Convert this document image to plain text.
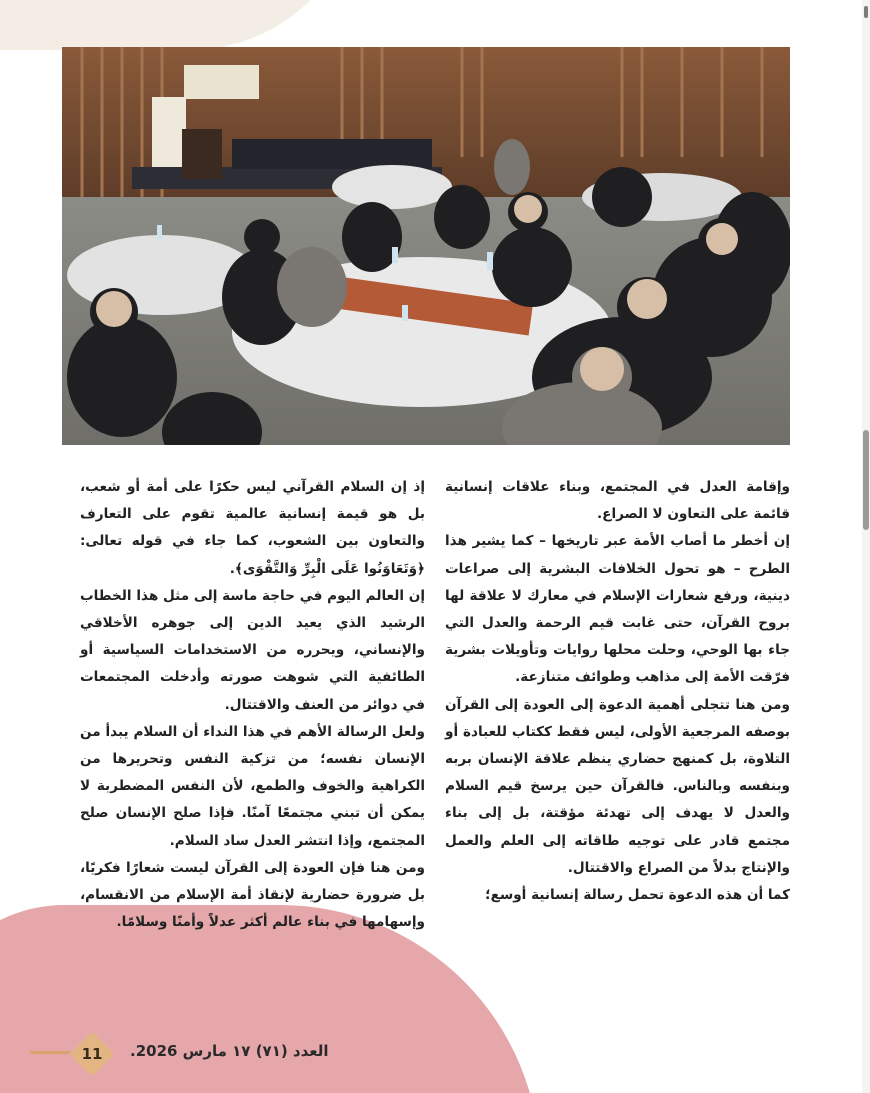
وإقامة العدل في المجتمع، وبناء علاقات إنسانية قائمة على التعاون لا الصراع.

إن أخطر ما أصاب الأمة عبر تاريخها – كما يشير هذا الطرح – هو تحول الخلافات البشرية إلى صراعات دينية، ورفع شعارات الإسلام في معارك لا علاقة لها بروح القرآن، حتى غابت قيم الرحمة والعدل التي جاء بها الوحي، وحلت محلها روايات وتأويلات بشرية فرّقت الأمة إلى مذاهب وطوائف متنازعة.

ومن هنا تتجلى أهمية الدعوة إلى العودة إلى القرآن بوصفه المرجعية الأولى، ليس فقط ككتاب للعبادة أو التلاوة، بل كمنهج حضاري ينظم علاقة الإنسان بربه وبنفسه وبالناس. فالقرآن حين يرسخ قيم السلام والعدل لا يهدف إلى تهدئة مؤقتة، بل إلى بناء مجتمع قادر على توجيه طاقاته إلى العلم والعمل والإنتاج بدلاً من الصراع والاقتتال.

كما أن هذه الدعوة تحمل رسالة إنسانية أوسع؛

إذ إن السلام القرآني ليس حكرًا على أمة أو شعب، بل هو قيمة إنسانية عالمية تقوم على التعارف والتعاون بين الشعوب، كما جاء في قوله تعالى: ﴿وَتَعَاوَنُوا عَلَى الْبِرِّ وَالتَّقْوَى﴾.

إن العالم اليوم في حاجة ماسة إلى مثل هذا الخطاب الرشيد الذي يعيد الدين إلى جوهره الأخلاقي والإنساني، ويحرره من الاستخدامات السياسية أو الطائفية التي شوهت صورته وأدخلت المجتمعات في دوائر من العنف والاقتتال.

ولعل الرسالة الأهم في هذا النداء أن السلام يبدأ من الإنسان نفسه؛ من تزكية النفس وتحريرها من الكراهية والخوف والطمع، لأن النفس المضطربة لا يمكن أن تبني مجتمعًا آمنًا. فإذا صلح الإنسان صلح المجتمع، وإذا انتشر العدل ساد السلام.

ومن هنا فإن العودة إلى القرآن ليست شعارًا فكريًا، بل ضرورة حضارية لإنقاذ أمة الإسلام من الانقسام، وإسهامها في بناء عالم أكثر عدلاً وأمنًا وسلامًا.

11	العدد (٧١) ١٧ مارس 2026.
